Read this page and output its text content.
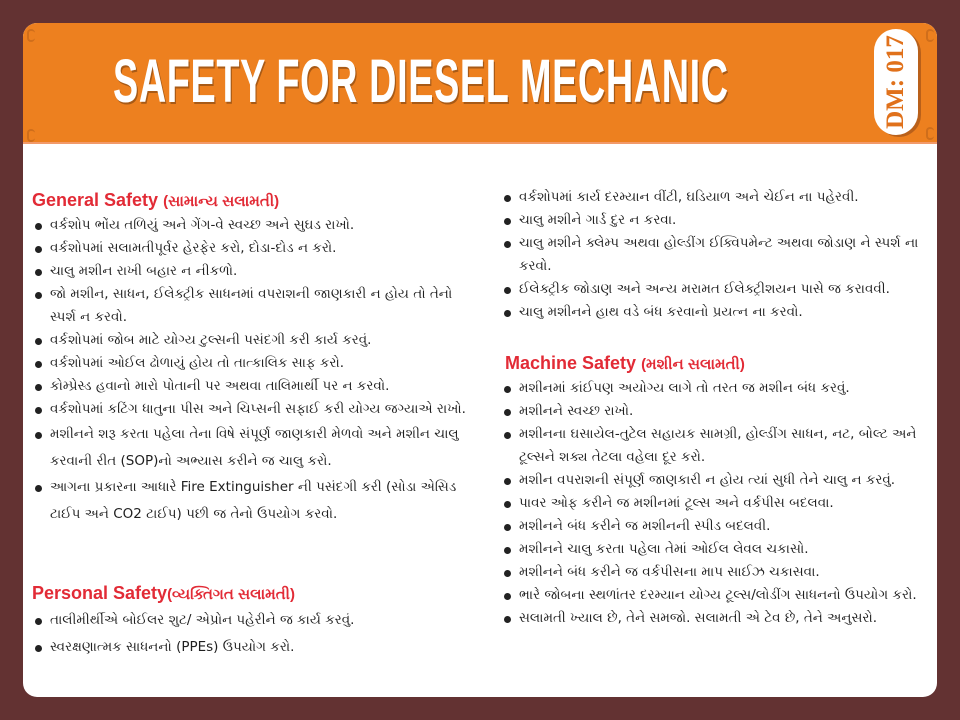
SAFETY FOR DIESEL MECHANIC	DM: 017
General Safety (સામાન્ય સલામતી)
વર્કશોપ ભોંય તળિયું અને ગેંગ-વે સ્વચ્છ અને સુઘડ રાખો.
વર્કશોપમાં સલામતીપૂર્વર હેરફેર કરો, દોડા-દોડ ન કરો.
ચાલુ મશીન રાખી બહાર ન નીકળો.
જો મશીન, સાધન, ઈલેક્ટ્રીક સાધનમાં વપરાશની જાણકારી ન હોય તો તેનો સ્પર્શ ન કરવો.
વર્કશોપમાં જોબ માટે યોગ્ય ટુલ્સની પસંદગી કરી કાર્ય કરવું.
વર્કશોપમાં ઓઈલ ઢોળાયું હોય તો તાત્કાલિક સાફ કરો.
કોમ્પ્રેસ્ડ હવાનો મારો પોતાની પર અથવા તાલિમાર્થી પર ન કરવો.
વર્કશોપમાં કટિંગ ધાતુના પીસ અને ચિપ્સની સફાઈ કરી યોગ્ય જગ્યાએ રાખો.
મશીનને શરૂ કરતા પહેલા તેના વિષે સંપૂર્ણ જાણકારી મેળવો અને મશીન ચાલુ કરવાની રીત (SOP)નો અભ્યાસ કરીને જ ચાલુ કરો.
આગના પ્રકારના આધારે Fire Extinguisher ની પસંદગી કરી (સોડા એસિડ ટાઈપ અને CO2 ટાઈપ) પછી જ તેનો ઉપયોગ કરવો.
Personal Safety(વ્યક્તિગત સલામતી)
તાલીમીર્થીએ બોઈલર શુટ/ એપ્રોન પહેરીને જ કાર્ય કરવું.
સ્વરક્ષણાત્મક સાધનનો (PPEs) ઉપયોગ કરો.
વર્કશોપમાં કાર્ય દરમ્યાન વીંટી, ઘડિયાળ અને ચેઈન ના પહેરવી.
ચાલુ મશીને ગાર્ડ દુર ન કરવા.
ચાલુ મશીને ક્લેમ્પ અથવા હોલ્ડીંગ ઈક્વિપમેન્ટ અથવા જોડાણ ને સ્પર્શ ના કરવો.
ઈલેક્ટ્રીક જોડાણ અને અન્ય મરામત ઈલેક્ટ્રીશયન પાસે જ કરાવવી.
ચાલુ મશીનને હાથ વડે બંધ કરવાનો પ્રયત્ન ના કરવો.
Machine Safety (મશીન સલામતી)
મશીનમાં કાંઈપણ અયોગ્ય લાગે તો તરત જ મશીન બંધ કરવું.
મશીનને સ્વચ્છ રાખો.
મશીનના ઘસાયેલ-તુટેલ સહાયક સામગ્રી, હોલ્ડીંગ સાધન, નટ, બોલ્ટ અને ટૂલ્સને શક્ય તેટલા વહેલા દૂર કરો.
મશીન વપરાશની સંપૂર્ણ જાણકારી ન હોય ત્યાં સુધી તેને ચાલુ ન કરવું.
પાવર ઓફ કરીને જ મશીનમાં ટૂલ્સ અને વર્કપીસ બદલવા.
મશીનને બંધ કરીને જ મશીનની સ્પીડ બદલવી.
મશીનને ચાલુ કરતા પહેલા તેમાં ઓઈલ લેવલ ચકાસો.
મશીનને બંધ કરીને જ વર્કપીસના માપ સાઈઝ ચકાસવા.
ભારે જોબના સ્થળાંતર દરમ્યાન યોગ્ય ટૂલ્સ/લોડીંગ સાધનનો ઉપયોગ કરો.
સલામતી ખ્યાલ છે, તેને સમજો. સલામતી એ ટેવ છે, તેને અનુસરો.
